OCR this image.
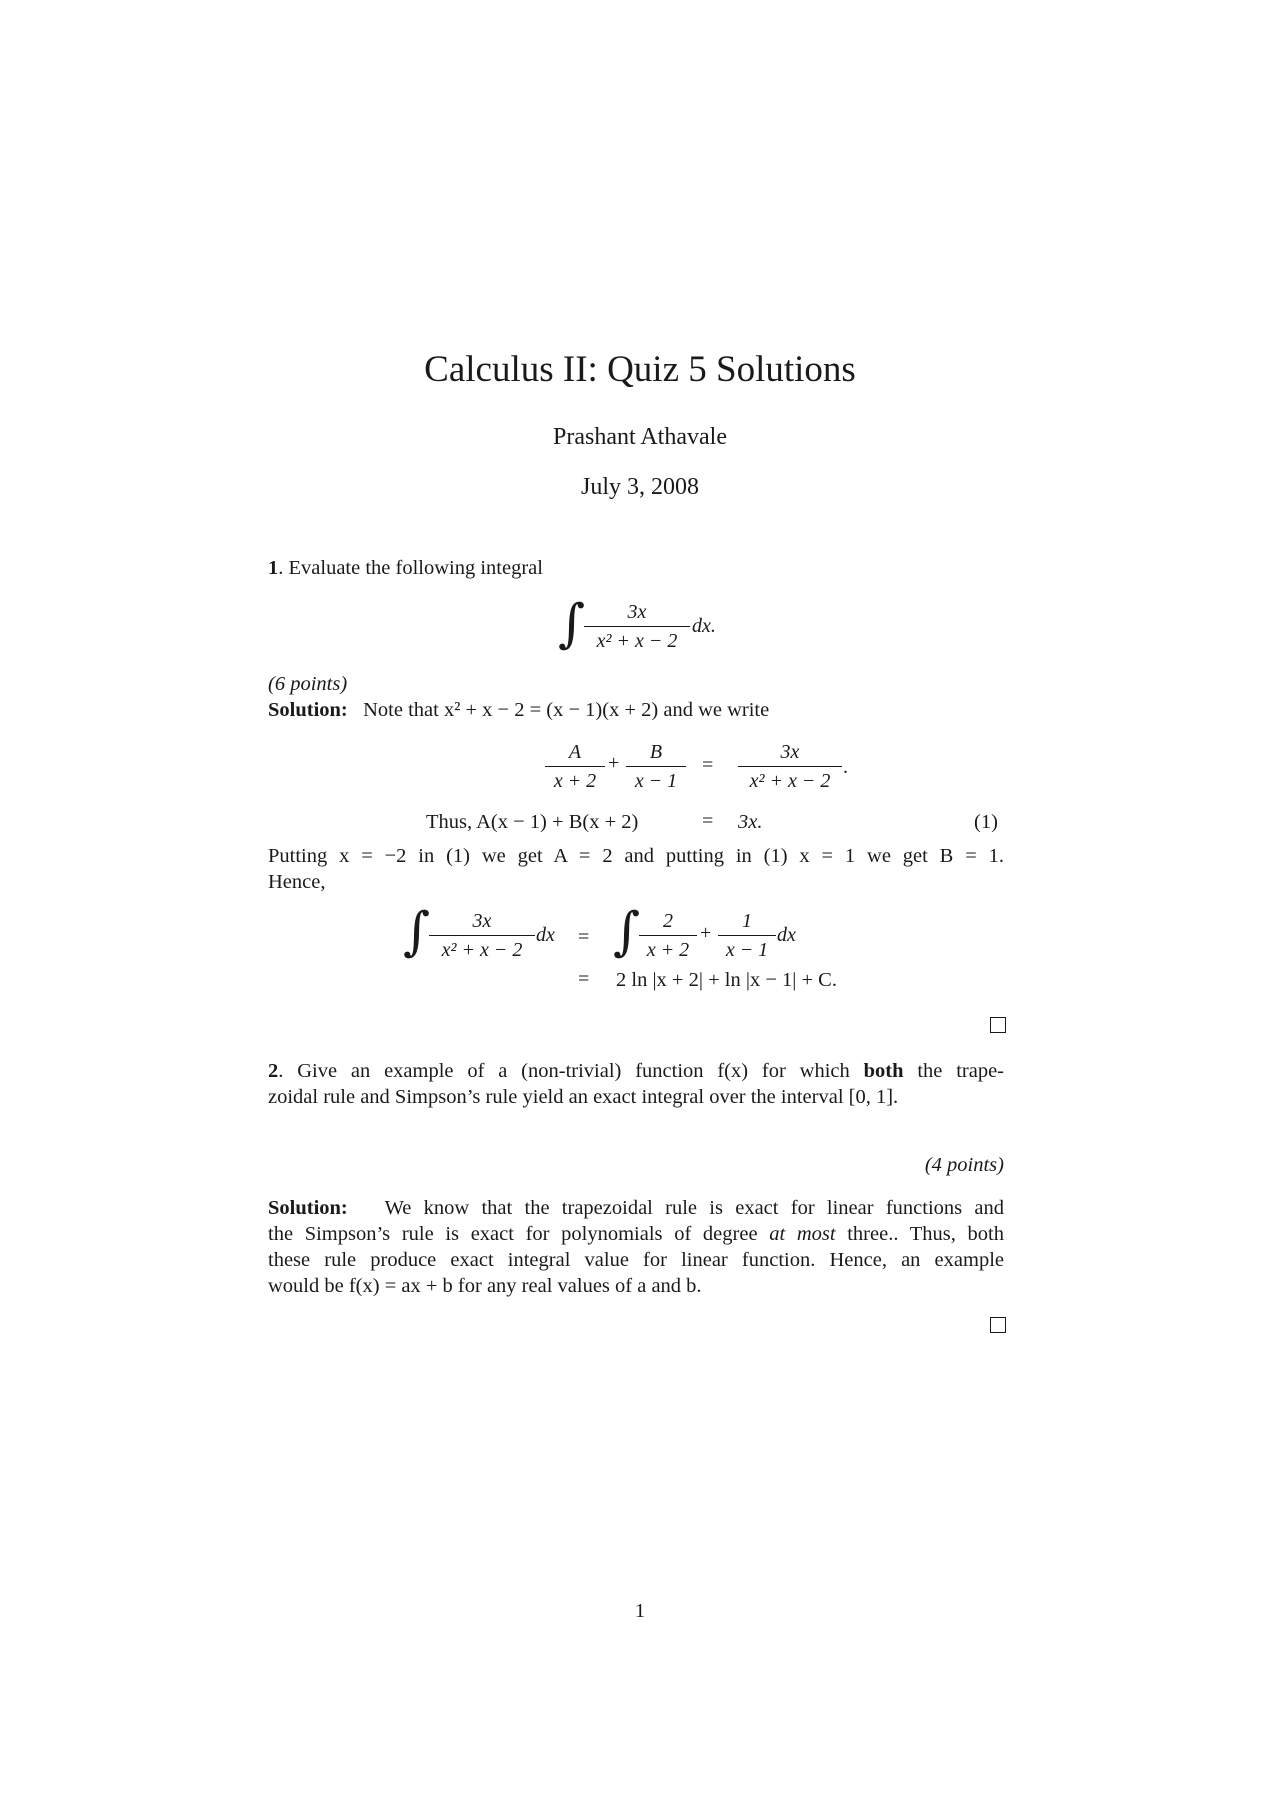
Calculus II: Quiz 5 Solutions
Prashant Athavale
July 3, 2008
1. Evaluate the following integral
∫	3x
x² + x − 2
dx.
(6 points)
Solution: Note that x² + x − 2 = (x − 1)(x + 2) and we write
A
x + 2
+	B
x − 1
=
3x
x² + x − 2
.
Thus, A(x − 1) + B(x + 2)	= 3x.	(1)
Putting x = −2 in (1) we get A = 2 and putting in (1) x = 1 we get B = 1.
Hence,
∫	3x
x² + x − 2
dx = ∫	2
x + 2
+
1
x − 1
dx
= 2 ln |x + 2| + ln |x − 1| + C.
2. Give an example of a (non-trivial) function f(x) for which both the trape-
zoidal rule and Simpson’s rule yield an exact integral over the interval [0, 1].
(4 points)
Solution: We know that the trapezoidal rule is exact for linear functions and
the Simpson’s rule is exact for polynomials of degree at most three.. Thus, both
these rule produce exact integral value for linear function. Hence, an example
would be f(x) = ax + b for any real values of a and b.
1
